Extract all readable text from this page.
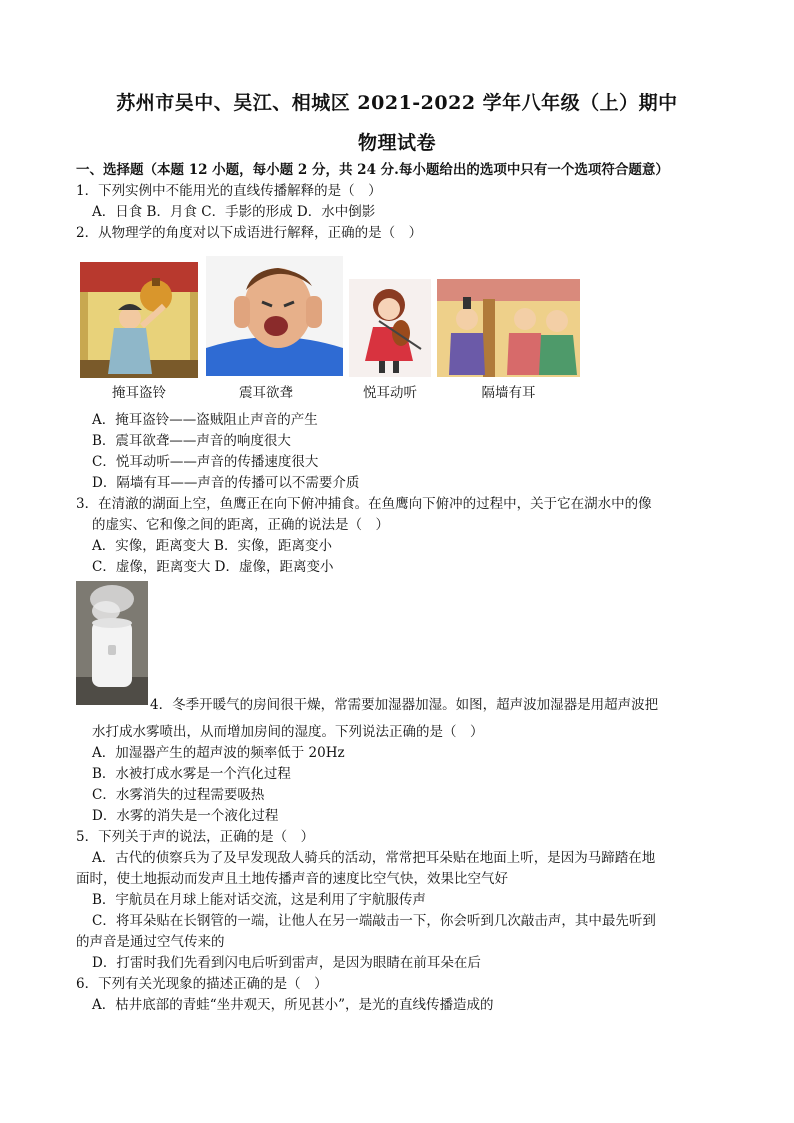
苏州市吴中、吴江、相城区 2021-2022 学年八年级（上）期中
物理试卷
一、选择题（本题 12 小题，每小题 2 分，共 24 分.每小题给出的选项中只有一个选项符合题意）
1．下列实例中不能用光的直线传播解释的是（　）
A．日食 B．月食 C．手影的形成 D．水中倒影
2．从物理学的角度对以下成语进行解释，正确的是（　）
掩耳盗铃	震耳欲聋	悦耳动听	隔墙有耳
A．掩耳盗铃——盗贼阻止声音的产生
B．震耳欲聋——声音的响度很大
C．悦耳动听——声音的传播速度很大
D．隔墙有耳——声音的传播可以不需要介质
3．在清澈的湖面上空，鱼鹰正在向下俯冲捕食。在鱼鹰向下俯冲的过程中，关于它在湖水中的像
的虚实、它和像之间的距离，正确的说法是（　）
A．实像，距离变大 B．实像，距离变小
C．虚像，距离变大 D．虚像，距离变小
4．冬季开暖气的房间很干燥，常需要加湿器加湿。如图，超声波加湿器是用超声波把
水打成水雾喷出，从而增加房间的湿度。下列说法正确的是（　）
A．加湿器产生的超声波的频率低于 20Hz
B．水被打成水雾是一个汽化过程
C．水雾消失的过程需要吸热
D．水雾的消失是一个液化过程
5．下列关于声的说法，正确的是（　）
A．古代的侦察兵为了及早发现敌人骑兵的活动，常常把耳朵贴在地面上听，是因为马蹄踏在地
面时，使土地振动而发声且土地传播声音的速度比空气快，效果比空气好
B．宇航员在月球上能对话交流，这是利用了宇航服传声
C．将耳朵贴在长钢管的一端，让他人在另一端敲击一下，你会听到几次敲击声，其中最先听到
的声音是通过空气传来的
D．打雷时我们先看到闪电后听到雷声，是因为眼睛在前耳朵在后
6．下列有关光现象的描述正确的是（　）
A．枯井底部的青蛙“坐井观天，所见甚小”，是光的直线传播造成的
